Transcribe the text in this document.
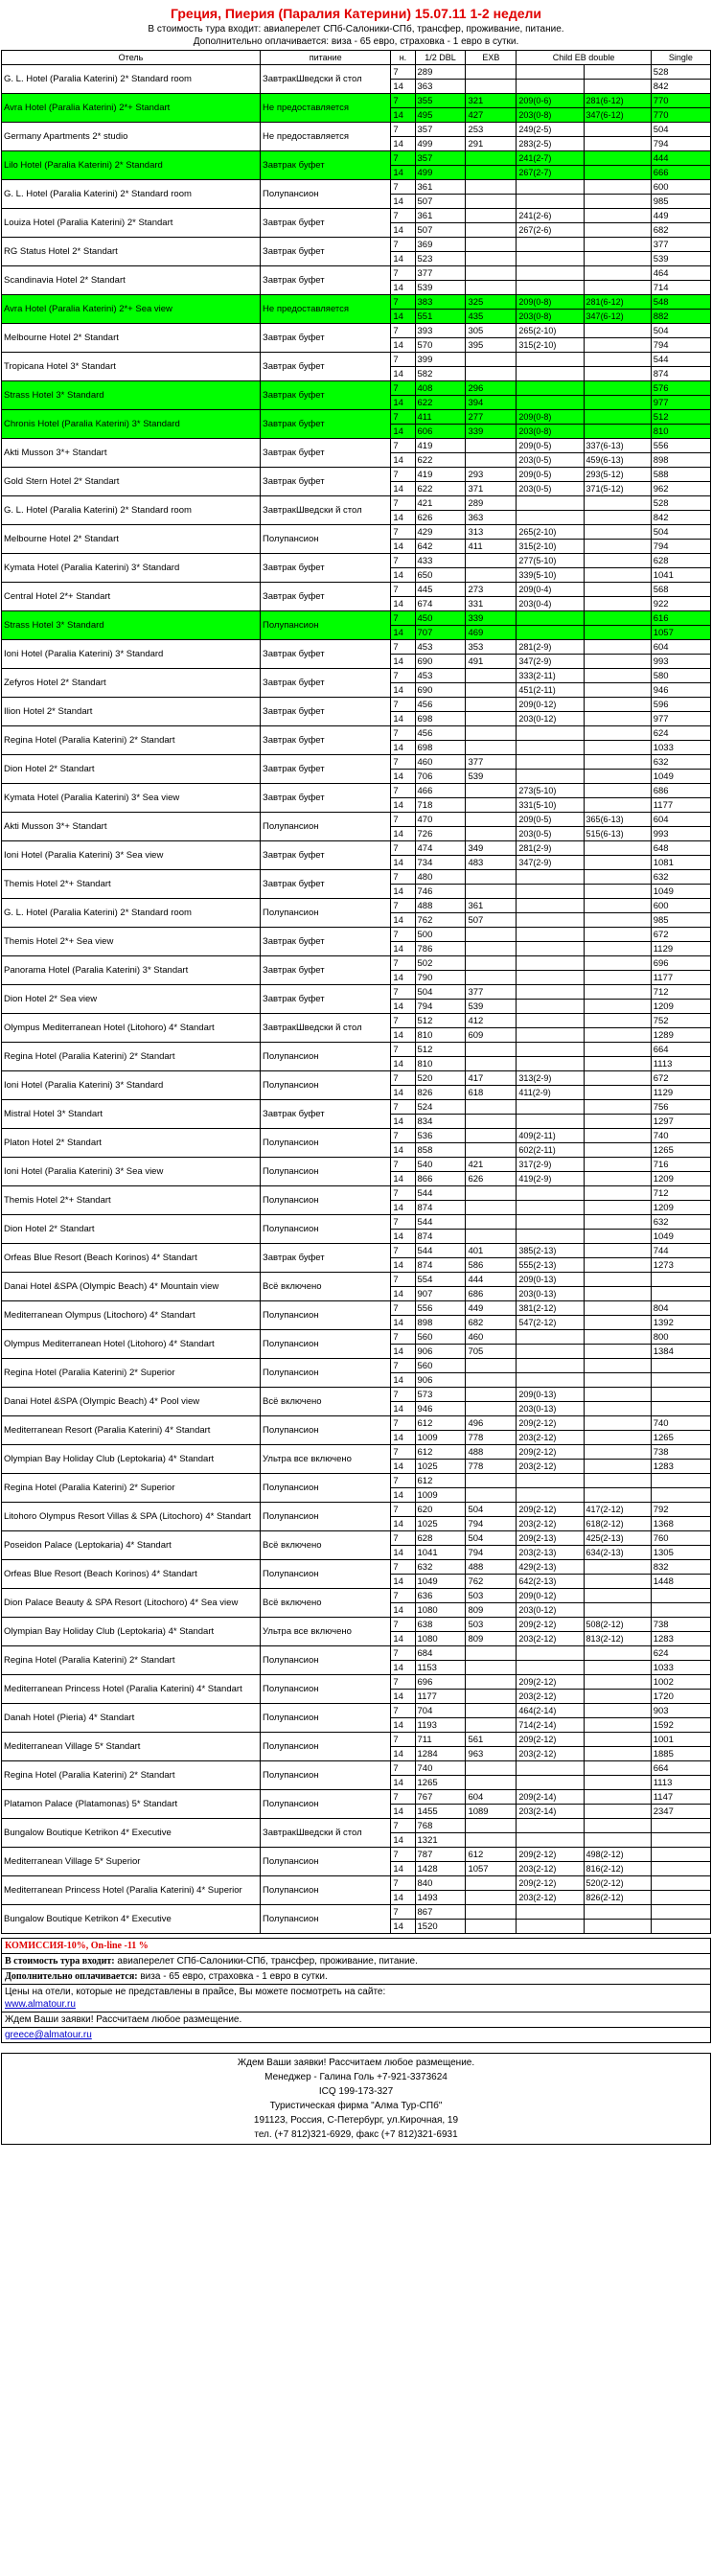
Греция, Пиерия (Паралия Катерини) 15.07.11 1-2 недели
В стоимость тура входит: авиаперелет СПб-Салоники-СПб, трансфер, проживание, питание.
Дополнительно оплачивается: виза - 65 евро, страховка - 1 евро в сутки.
Отель	питание	н.	1/2 DBL	EXB	Child EB double		Single
G. L. Hotel (Paralia Katerini) 2* Standard room	ЗавтракШведски й стол	7	289				528
		14	363				842
Avra Hotel (Paralia Katerini) 2*+ Standart	Не предоставляется	7	355	321	209(0-6)	281(6-12)	770
		14	495	427	203(0-8)	347(6-12)	770
Germany Apartments 2* studio	Не предоставляется	7	357	253	249(2-5)		504
		14	499	291	283(2-5)		794
Lilo Hotel (Paralia Katerini) 2* Standard	Завтрак буфет	7	357		241(2-7)		444
		14	499		267(2-7)		666
G. L. Hotel (Paralia Katerini) 2* Standard room	Полупансион	7	361				600
		14	507				985
Louiza Hotel (Paralia Katerini) 2* Standart	Завтрак буфет	7	361		241(2-6)		449
		14	507		267(2-6)		682
RG Status Hotel 2* Standart	Завтрак буфет	7	369				377
		14	523				539
Scandinavia Hotel 2* Standart	Завтрак буфет	7	377				464
		14	539				714
Avra Hotel (Paralia Katerini) 2*+ Sea view	Не предоставляется	7	383	325	209(0-8)	281(6-12)	548
		14	551	435	203(0-8)	347(6-12)	882
Melbourne Hotel 2* Standart	Завтрак буфет	7	393	305	265(2-10)		504
		14	570	395	315(2-10)		794
Tropicana Hotel 3* Standart	Завтрак буфет	7	399				544
		14	582				874
Strass Hotel 3* Standard	Завтрак буфет	7	408	296			576
		14	622	394			977
Chronis Hotel (Paralia Katerini) 3* Standard	Завтрак буфет	7	411	277	209(0-8)		512
		14	606	339	203(0-8)		810
Akti Musson 3*+ Standart	Завтрак буфет	7	419		209(0-5)	337(6-13)	556
		14	622		203(0-5)	459(6-13)	898
Gold Stern Hotel 2* Standart	Завтрак буфет	7	419	293	209(0-5)	293(5-12)	588
		14	622	371	203(0-5)	371(5-12)	962
G. L. Hotel (Paralia Katerini) 2* Standard room	ЗавтракШведски й стол	7	421	289			528
		14	626	363			842
Melbourne Hotel 2* Standart	Полупансион	7	429	313	265(2-10)		504
		14	642	411	315(2-10)		794
Kymata Hotel (Paralia Katerini) 3* Standard	Завтрак буфет	7	433		277(5-10)		628
		14	650		339(5-10)		1041
Central Hotel 2*+ Standart	Завтрак буфет	7	445	273	209(0-4)		568
		14	674	331	203(0-4)		922
Strass Hotel 3* Standard	Полупансион	7	450	339			616
		14	707	469			1057
Ioni Hotel (Paralia Katerini) 3* Standard	Завтрак буфет	7	453	353	281(2-9)		604
		14	690	491	347(2-9)		993
Zefyros Hotel 2* Standart	Завтрак буфет	7	453		333(2-11)		580
		14	690		451(2-11)		946
Ilion Hotel 2* Standart	Завтрак буфет	7	456		209(0-12)		596
		14	698		203(0-12)		977
Regina Hotel (Paralia Katerini) 2* Standart	Завтрак буфет	7	456				624
		14	698				1033
Dion Hotel 2* Standart	Завтрак буфет	7	460	377			632
		14	706	539			1049
Kymata Hotel (Paralia Katerini) 3* Sea view	Завтрак буфет	7	466		273(5-10)		686
		14	718		331(5-10)		1177
Akti Musson 3*+ Standart	Полупансион	7	470		209(0-5)	365(6-13)	604
		14	726		203(0-5)	515(6-13)	993
Ioni Hotel (Paralia Katerini) 3* Sea view	Завтрак буфет	7	474	349	281(2-9)		648
		14	734	483	347(2-9)		1081
Themis Hotel 2*+ Standart	Завтрак буфет	7	480				632
		14	746				1049
G. L. Hotel (Paralia Katerini) 2* Standard room	Полупансион	7	488	361			600
		14	762	507			985
Themis Hotel 2*+ Sea view	Завтрак буфет	7	500				672
		14	786				1129
Panorama Hotel (Paralia Katerini) 3* Standart	Завтрак буфет	7	502				696
		14	790				1177
Dion Hotel 2* Sea view	Завтрак буфет	7	504	377			712
		14	794	539			1209
Olympus Mediterranean Hotel (Litohoro) 4* Standart	ЗавтракШведски й стол	7	512	412			752
		14	810	609			1289
Regina Hotel (Paralia Katerini) 2* Standart	Полупансион	7	512				664
		14	810				1113
Ioni Hotel (Paralia Katerini) 3* Standard	Полупансион	7	520	417	313(2-9)		672
		14	826	618	411(2-9)		1129
Mistral Hotel 3* Standart	Завтрак буфет	7	524				756
		14	834				1297
Platon Hotel 2* Standart	Полупансион	7	536		409(2-11)		740
		14	858		602(2-11)		1265
Ioni Hotel (Paralia Katerini) 3* Sea view	Полупансион	7	540	421	317(2-9)		716
		14	866	626	419(2-9)		1209
Themis Hotel 2*+ Standart	Полупансион	7	544				712
		14	874				1209
Dion Hotel 2* Standart	Полупансион	7	544				632
		14	874				1049
Orfeas Blue Resort (Beach Korinos) 4* Standart	Завтрак буфет	7	544	401	385(2-13)		744
		14	874	586	555(2-13)		1273
Danai Hotel &SPA (Olympic Beach) 4* Mountain view	Всё включено	7	554	444	209(0-13)		
		14	907	686	203(0-13)		
Mediterranean Olympus (Litochoro) 4* Standart	Полупансион	7	556	449	381(2-12)		804
		14	898	682	547(2-12)		1392
Olympus Mediterranean Hotel (Litohoro) 4* Standart	Полупансион	7	560	460			800
		14	906	705			1384
Regina Hotel (Paralia Katerini) 2* Superior	Полупансион	7	560				
		14	906				
Danai Hotel &SPA (Olympic Beach) 4* Pool view	Всё включено	7	573		209(0-13)		
		14	946		203(0-13)		
Mediterranean Resort (Paralia Katerini) 4* Standart	Полупансион	7	612	496	209(2-12)		740
		14	1009	778	203(2-12)		1265
Olympian Bay Holiday Club (Leptokaria) 4* Standart	Ультра все включено	7	612	488	209(2-12)		738
		14	1025	778	203(2-12)		1283
Regina Hotel (Paralia Katerini) 2* Superior	Полупансион	7	612				
		14	1009				
Litohoro Olympus Resort Villas & SPA (Litochoro) 4* Standart	Полупансион	7	620	504	209(2-12)	417(2-12)	792
		14	1025	794	203(2-12)	618(2-12)	1368
Poseidon Palace (Leptokaria) 4* Standart	Всё включено	7	628	504	209(2-13)	425(2-13)	760
		14	1041	794	203(2-13)	634(2-13)	1305
Orfeas Blue Resort (Beach Korinos) 4* Standart	Полупансион	7	632	488	429(2-13)		832
		14	1049	762	642(2-13)		1448
Dion Palace Beauty & SPA Resort (Litochoro) 4* Sea view	Всё включено	7	636	503	209(0-12)		
		14	1080	809	203(0-12)		
Olympian Bay Holiday Club (Leptokaria) 4* Standart	Ультра все включено	7	638	503	209(2-12)	508(2-12)	738
		14	1080	809	203(2-12)	813(2-12)	1283
Regina Hotel (Paralia Katerini) 2* Standart	Полупансион	7	684				624
		14	1153				1033
Mediterranean Princess Hotel (Paralia Katerini) 4* Standart	Полупансион	7	696		209(2-12)		1002
		14	1177		203(2-12)		1720
Danah Hotel (Pieria) 4* Standart	Полупансион	7	704		464(2-14)		903
		14	1193		714(2-14)		1592
Mediterranean Village 5* Standart	Полупансион	7	711	561	209(2-12)		1001
		14	1284	963	203(2-12)		1885
Regina Hotel (Paralia Katerini) 2* Standart	Полупансион	7	740				664
		14	1265				1113
Platamon Palace (Platamonas) 5* Standart	Полупансион	7	767	604	209(2-14)		1147
		14	1455	1089	203(2-14)		2347
Bungalow Boutique Ketrikon 4* Executive	ЗавтракШведски й стол	7	768				
		14	1321				
Mediterranean Village 5* Superior	Полупансион	7	787	612	209(2-12)	498(2-12)	
		14	1428	1057	203(2-12)	816(2-12)	
Mediterranean Princess Hotel (Paralia Katerini) 4* Superior	Полупансион	7	840		209(2-12)	520(2-12)	
		14	1493		203(2-12)	826(2-12)	
Bungalow Boutique Ketrikon 4* Executive	Полупансион	7	867				
		14	1520				
КОМИССИЯ-10%, On-line -11 %
В стоимость тура входит: авиаперелет СПб-Салоники-СПб, трансфер, проживание, питание.
Дополнительно оплачивается: виза - 65 евро, страховка - 1 евро в сутки.
Цены на отели, которые не представлены в прайсе, Вы можете посмотреть на сайте:
www.almatour.ru
Ждем Ваши заявки! Рассчитаем любое размещение.
greece@almatour.ru
Ждем Ваши заявки! Рассчитаем любое размещение.
Менеджер - Галина Голь +7-921-3373624
ICQ 199-173-327
Туристическая фирма "Алма Тур-СПб"
191123, Россия, С-Петербург, ул.Кирочная, 19
тел. (+7 812)321-6929, факс (+7 812)321-6931
